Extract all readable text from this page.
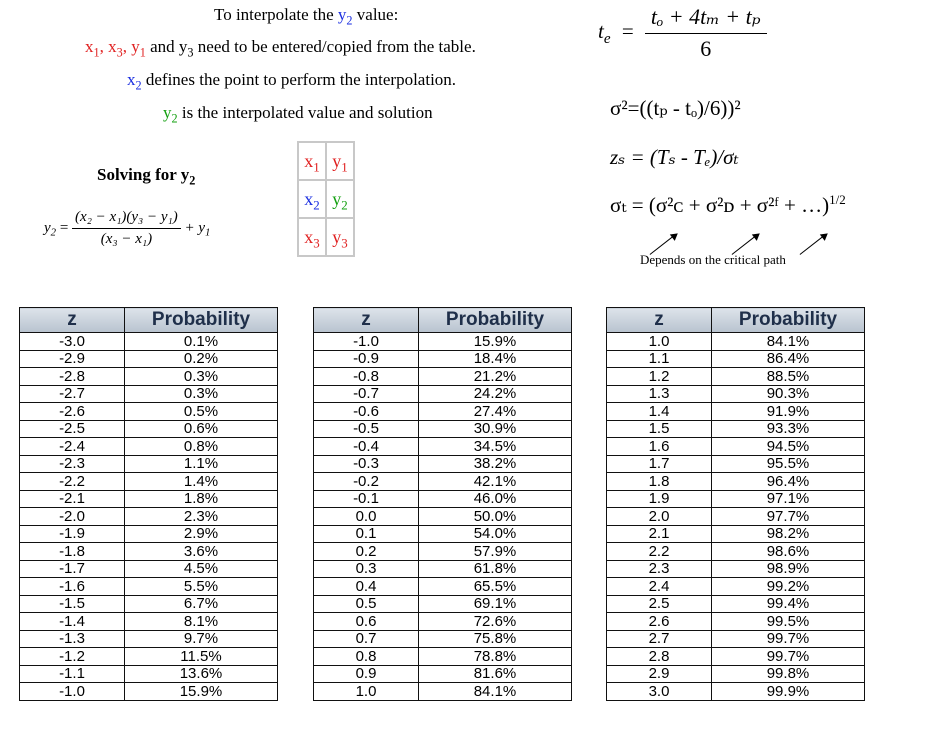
To interpolate the $y_2$ value:
$x_1$, $x_3$, $y_1$ and $y_3$ need to be entered/copied from the table.
$x_2$ defines the point to perform the interpolation.
$y_2$ is the interpolated value and solution
Solving for $y_2$
$y_2 = \frac{\text{(x₂ − x₁)(y₃ − y₁)}}{\text{(x₃ − x₁)}} + y_1$
$x_1$	$y_1$
$x_2$	$y_2$
$x_3$	$y_3$
$t_e = \frac{\text{tₒ + 4tₘ + tₚ}}{6}$
σ²=((tₚ - tₒ)/6))²
zₛ = (Tₛ - Tₑ)/σₜ
σₜ = (σ²ᴄ + σ²ᴅ + σ²ᶠ + …)$^{1/2}$
Depends on the critical path
z	Probability
-3.0	0.1%
-2.9	0.2%
-2.8	0.3%
-2.7	0.3%
-2.6	0.5%
-2.5	0.6%
-2.4	0.8%
-2.3	1.1%
-2.2	1.4%
-2.1	1.8%
-2.0	2.3%
-1.9	2.9%
-1.8	3.6%
-1.7	4.5%
-1.6	5.5%
-1.5	6.7%
-1.4	8.1%
-1.3	9.7%
-1.2	11.5%
-1.1	13.6%
-1.0	15.9%
z	Probability
-1.0	15.9%
-0.9	18.4%
-0.8	21.2%
-0.7	24.2%
-0.6	27.4%
-0.5	30.9%
-0.4	34.5%
-0.3	38.2%
-0.2	42.1%
-0.1	46.0%
0.0	50.0%
0.1	54.0%
0.2	57.9%
0.3	61.8%
0.4	65.5%
0.5	69.1%
0.6	72.6%
0.7	75.8%
0.8	78.8%
0.9	81.6%
1.0	84.1%
z	Probability
1.0	84.1%
1.1	86.4%
1.2	88.5%
1.3	90.3%
1.4	91.9%
1.5	93.3%
1.6	94.5%
1.7	95.5%
1.8	96.4%
1.9	97.1%
2.0	97.7%
2.1	98.2%
2.2	98.6%
2.3	98.9%
2.4	99.2%
2.5	99.4%
2.6	99.5%
2.7	99.7%
2.8	99.7%
2.9	99.8%
3.0	99.9%
